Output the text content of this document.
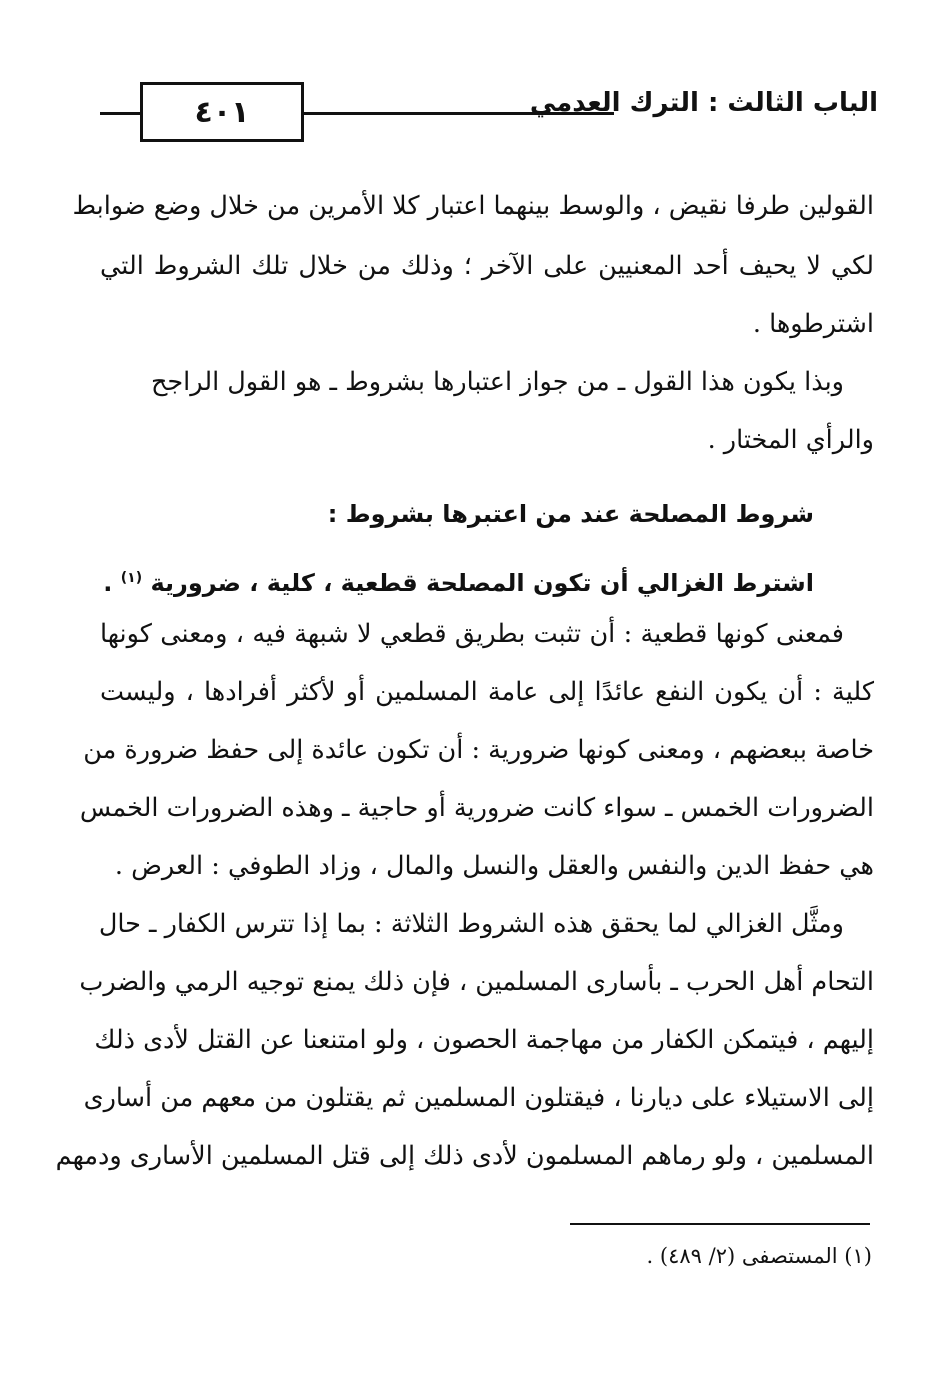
٤٠١	الباب الثالث : الترك العدمي
القولين طرفا نقيض ، والوسط بينهما اعتبار كلا الأمرين من خلال وضع ضوابط
لكي لا يحيف أحد المعنيين على الآخر ؛ وذلك من خلال تلك الشروط التي
اشترطوها .
وبذا يكون هذا القول ـ من جواز اعتبارها بشروط ـ هو القول الراجح
والرأي المختار .
شروط المصلحة عند من اعتبرها بشروط :
اشترط الغزالي أن تكون المصلحة قطعية ، كلية ، ضرورية $^{(١)}$ .
فمعنى كونها قطعية : أن تثبت بطريق قطعي لا شبهة فيه ، ومعنى كونها
كلية : أن يكون النفع عائدًا إلى عامة المسلمين أو لأكثر أفرادها ، وليست
خاصة ببعضهم ، ومعنى كونها ضرورية : أن تكون عائدة إلى حفظ ضرورة من
الضرورات الخمس ـ سواء كانت ضرورية أو حاجية ـ وهذه الضرورات الخمس
هي حفظ الدين والنفس والعقل والنسل والمال ، وزاد الطوفي : العرض .
ومثَّل الغزالي لما يحقق هذه الشروط الثلاثة : بما إذا تترس الكفار ـ حال
التحام أهل الحرب ـ بأسارى المسلمين ، فإن ذلك يمنع توجيه الرمي والضرب
إليهم ، فيتمكن الكفار من مهاجمة الحصون ، ولو امتنعنا عن القتل لأدى ذلك
إلى الاستيلاء على ديارنا ، فيقتلون المسلمين ثم يقتلون من معهم من أسارى
المسلمين ، ولو رماهم المسلمون لأدى ذلك إلى قتل المسلمين الأسارى ودمهم
(١) المستصفى (٢/ ٤٨٩) .
